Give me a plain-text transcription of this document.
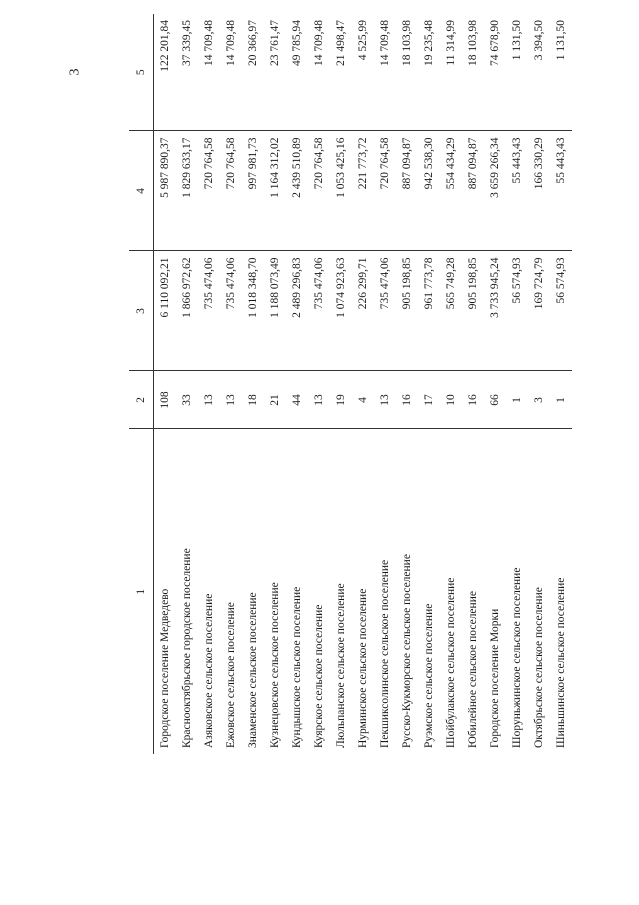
3
1	2	3	4	5
Городское поселение Медведево	108	6 110 092,21	5 987 890,37	122 201,84
Краснооктябрьское городское поселение	33	1 866 972,62	1 829 633,17	37 339,45
Азяковское сельское поселение	13	735 474,06	720 764,58	14 709,48
Ежовское сельское поселение	13	735 474,06	720 764,58	14 709,48
Знаменское сельское поселение	18	1 018 348,70	997 981,73	20 366,97
Кузнецовское сельское поселение	21	1 188 073,49	1 164 312,02	23 761,47
Кундышское сельское поселение	44	2 489 296,83	2 439 510,89	49 785,94
Куярское сельское поселение	13	735 474,06	720 764,58	14 709,48
Люльпанское сельское поселение	19	1 074 923,63	1 053 425,16	21 498,47
Нурминское сельское поселение	4	226 299,71	221 773,72	4 525,99
Пекшиксолинское сельское поселение	13	735 474,06	720 764,58	14 709,48
Русско-Кукморское сельское поселение	16	905 198,85	887 094,87	18 103,98
Руэмское сельское поселение	17	961 773,78	942 538,30	19 235,48
Шойбулакское сельское поселение	10	565 749,28	554 434,29	11 314,99
Юбилейное сельское поселение	16	905 198,85	887 094,87	18 103,98
Городское поселение Морки	66	3 733 945,24	3 659 266,34	74 678,90
Шоруньжинское сельское поселение	1	56 574,93	55 443,43	1 131,50
Октябрьское сельское поселение	3	169 724,79	166 330,29	3 394,50
Шиньшинское сельское поселение	1	56 574,93	55 443,43	1 131,50
